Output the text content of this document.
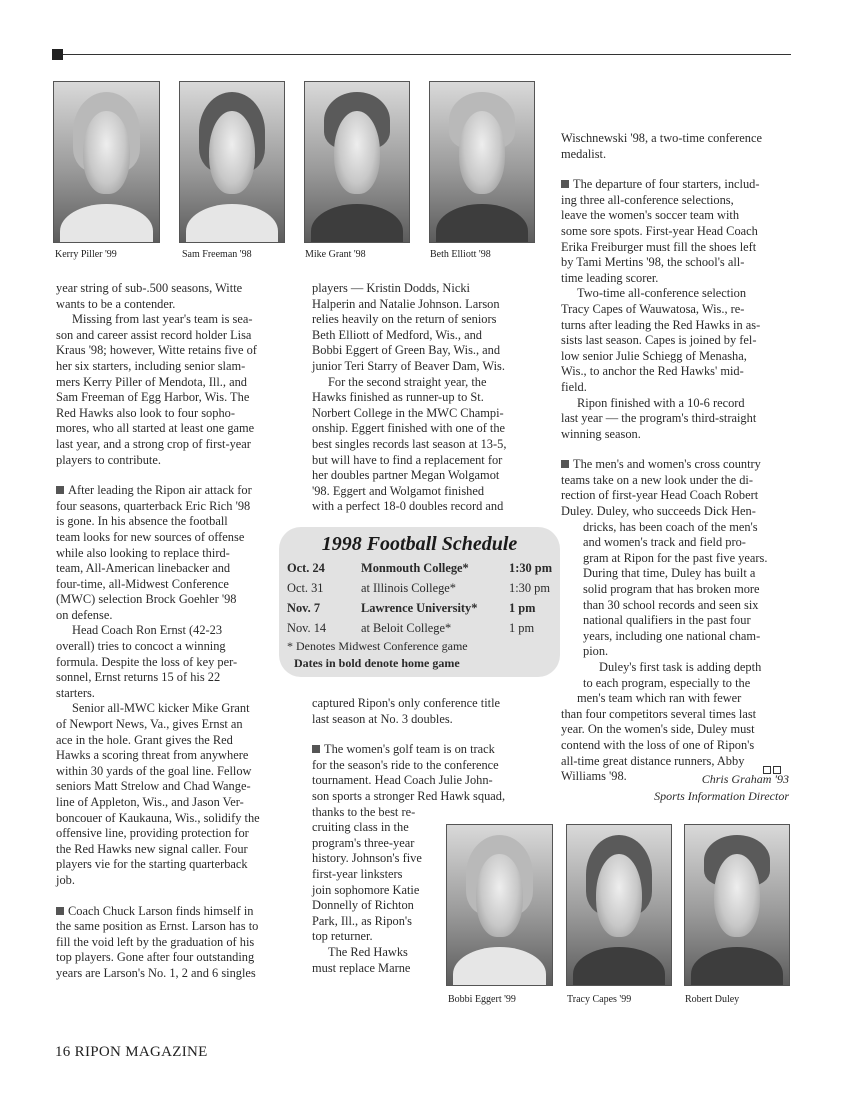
Kerry Piller '99	Sam Freeman '98	Mike Grant '98	Beth Elliott '98

year string of sub-.500 seasons, Witte

wants to be a contender.

Missing from last year's team is sea-

son and career assist record holder Lisa

Kraus '98; however, Witte retains five of

her six starters, including senior slam-

mers Kerry Piller of Mendota, Ill., and

Sam Freeman of Egg Harbor, Wis. The

Red Hawks also look to four sopho-

mores, who all started at least one game

last year, and a strong crop of first-year

players to contribute.

After leading the Ripon air attack for

four seasons, quarterback Eric Rich '98

is gone. In his absence the football

team looks for new sources of offense

while also looking to replace third-

team, All-American linebacker and

four-time, all-Midwest Conference

(MWC) selection Brock Goehler '98

on defense.

Head Coach Ron Ernst (42-23

overall) tries to concoct a winning

formula. Despite the loss of key per-

sonnel, Ernst returns 15 of his 22

starters.

Senior all-MWC kicker Mike Grant

of Newport News, Va., gives Ernst an

ace in the hole. Grant gives the Red

Hawks a scoring threat from anywhere

within 30 yards of the goal line. Fellow

seniors Matt Strelow and Chad Wange-

line of Appleton, Wis., and Jason Ver-

boncouer of Kaukauna, Wis., solidify the

offensive line, providing protection for

the Red Hawks new signal caller. Four

players vie for the starting quarterback

job.

Coach Chuck Larson finds himself in

the same position as Ernst. Larson has to

fill the void left by the graduation of his

top players. Gone after four outstanding

years are Larson's No. 1, 2 and 6 singles

players — Kristin Dodds, Nicki

Halperin and Natalie Johnson. Larson

relies heavily on the return of seniors

Beth Elliott of Medford, Wis., and

Bobbi Eggert of Green Bay, Wis., and

junior Teri Starry of Beaver Dam, Wis.

For the second straight year, the

Hawks finished as runner-up to St.

Norbert College in the MWC Champi-

onship. Eggert finished with one of the

best singles records last season at 13-5,

but will have to find a replacement for

her doubles partner Megan Wolgamot

'98. Eggert and Wolgamot finished

with a perfect 18-0 doubles record and

1998 Football Schedule
Oct. 24	Monmouth College*	1:30 pm
Oct. 31	at Illinois College*	1:30 pm
Nov. 7	Lawrence University*	1 pm
Nov. 14	at Beloit College*	1 pm
* Denotes Midwest Conference game
Dates in bold denote home game

captured Ripon's only conference title

last season at No. 3 doubles.

The women's golf team is on track

for the season's ride to the conference

tournament. Head Coach Julie John-

son sports a stronger Red Hawk squad,

thanks to the best re-

cruiting class in the

program's three-year

history. Johnson's five

first-year linksters

join sophomore Katie

Donnelly of Richton

Park, Ill., as Ripon's

top returner.

The Red Hawks

must replace Marne

Wischnewski '98, a two-time conference

medalist.

The departure of four starters, includ-

ing three all-conference selections,

leave the women's soccer team with

some sore spots. First-year Head Coach

Erika Freiburger must fill the shoes left

by Tami Mertins '98, the school's all-

time leading scorer.

Two-time all-conference selection

Tracy Capes of Wauwatosa, Wis., re-

turns after leading the Red Hawks in as-

sists last season. Capes is joined by fel-

low senior Julie Schiegg of Menasha,

Wis., to anchor the Red Hawks' mid-

field.

Ripon finished with a 10-6 record

last year — the program's third-straight

winning season.

The men's and women's cross country

teams take on a new look under the di-

rection of first-year Head Coach Robert

Duley. Duley, who succeeds Dick Hen-

dricks, has been coach of the men's

and women's track and field pro-

gram at Ripon for the past five years.

During that time, Duley has built a

solid program that has broken more

than 30 school records and seen six

national qualifiers in the past four

years, including one national cham-

pion.

Duley's first task is adding depth

to each program, especially to the

men's team which ran with fewer

than four competitors several times last

year. On the women's side, Duley must

contend with the loss of one of Ripon's

all-time great distance runners, Abby

Williams '98.	Chris Graham '93
Sports Information Director
Bobbi Eggert '99	Tracy Capes '99	Robert Duley
16 RIPON MAGAZINE
